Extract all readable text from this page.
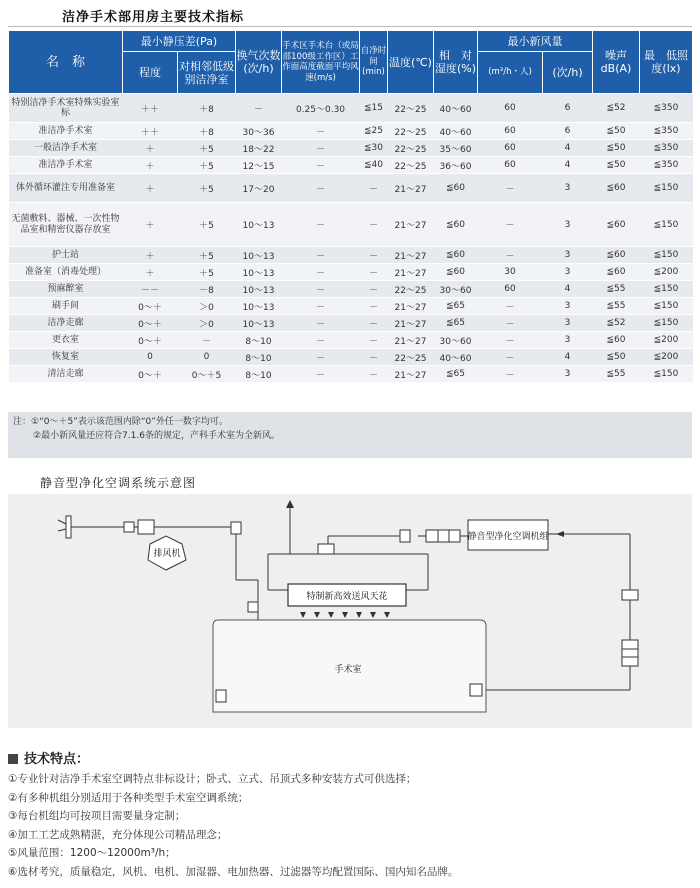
洁净手术部用房主要技术指标
名　称	最小静压差(Pa)		换气次数(次/h)	手术区手术台（或局部100级工作区）工作面高度截面平均风速(m/s)	自净时间(min)	温度(℃)	相　对湿度(%)	最小新风量		噪声dB(A)	最　低照度(lx)
	程度	对相邻低级别洁净室						(m³/h・人)	(次/h)		
特别洁净手术室特殊实验室标	＋＋	＋8	－	0.25～0.30	≦15	22～25	40～60	60	6	≦52	≦350
准洁净手术室	＋＋	＋8	30～36	－	≦25	22～25	40～60	60	6	≦50	≦350
一般洁净手术室	＋	＋5	18～22	－	≦30	22～25	35～60	60	4	≦50	≦350
准洁净手术室	＋	＋5	12～15	－	≦40	22～25	36～60	60	4	≦50	≦350
体外循环灌注专用准备室	＋	＋5	17～20	－	－	21～27	≦60	－	3	≦60	≦150
无菌敷料、器械、一次性物品室和精密仪器存放室	＋	＋5	10～13	－	－	21～27	≦60	－	3	≦60	≦150
护士站	＋	＋5	10～13	－	－	21～27	≦60	－	3	≦60	≦150
准备室（消毒处理）	＋	＋5	10～13	－	－	21～27	≦60	30	3	≦60	≦200
预麻醉室	－－	－8	10～13	－	－	22～25	30～60	60	4	≦55	≦150
刷手间	0～＋	＞0	10～13	－	－	21～27	≦65	－	3	≦55	≦150
洁净走廊	0～＋	＞0	10～13	－	－	21～27	≦65	－	3	≦52	≦150
更衣室	0～＋	－	8～10	－	－	21～27	30～60	－	3	≦60	≦200
恢复室	0	0	8～10	－	－	22～25	40～60	－	4	≦50	≦200
清洁走廊	0～＋	0～＋5	8～10	－	－	21～27	≦65	－	3	≦55	≦150
注：①“0～＋5”表示该范围内除“0”外任一数字均可。
②最小新风量还应符合7.1.6条的规定，产科手术室为全新风。
静音型净化空调系统示意图
排风机
静音型净化空调机组
特制新高效送风天花
手术室
技术特点：
①专业针对洁净手术室空调特点非标设计；卧式、立式、吊顶式多种安装方式可供选择；
②有多种机组分别适用于各种类型手术室空调系统；
③每台机组均可按项目需要量身定制；
④加工工艺成熟精湛，充分体现公司精品理念；
⑤风量范围：1200～12000m³/h；
⑥选材考究，质量稳定，风机、电机、加湿器、电加热器、过滤器等均配置国际、国内知名品牌。
